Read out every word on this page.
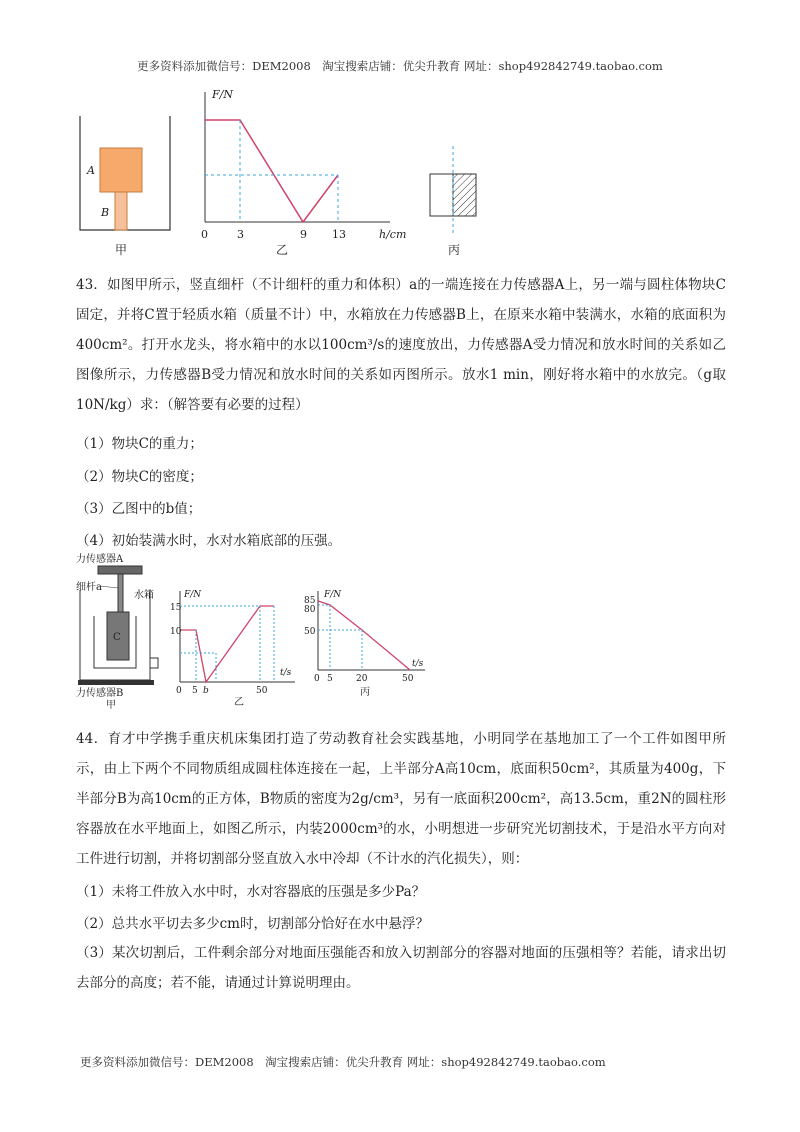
更多资料添加微信号：DEM2008　淘宝搜索店铺：优尖升教育 网址：shop492842749.taobao.com
A
B
甲
F/N
h/cm
0	3	9 13
乙	丙
43．如图甲所示，竖直细杆（不计细杆的重力和体积）a的一端连接在力传感器A上，另一端与圆柱体物块C固定，并将C置于轻质水箱（质量不计）中，水箱放在力传感器B上，在原来水箱中装满水，水箱的底面积为400cm²。打开水龙头，将水箱中的水以100cm³/s的速度放出，力传感器A受力情况和放水时间的关系如乙图像所示，力传感器B受力情况和放水时间的关系如丙图所示。放水1 min，刚好将水箱中的水放完。（g取10N/kg）求：（解答要有必要的过程）
（1）物块C的重力；
（2）物块C的密度；
（3）乙图中的b值；
（4）初始装满水时，水对水箱底部的压强。
力传感器A
细杆a
C
水箱
力传感器B
甲
F/N
15
10
t/s
0 5 b	50
乙
F/N
85
80
50
t/s
0 5	20	50
丙
44．育才中学携手重庆机床集团打造了劳动教育社会实践基地，小明同学在基地加工了一个工件如图甲所示，由上下两个不同物质组成圆柱体连接在一起，上半部分A高10cm，底面积50cm²，其质量为400g，下半部分B为高10cm的正方体，B物质的密度为2g/cm³，另有一底面积200cm²，高13.5cm，重2N的圆柱形容器放在水平地面上，如图乙所示，内装2000cm³的水，小明想进一步研究光切割技术，于是沿水平方向对工件进行切割，并将切割部分竖直放入水中冷却（不计水的汽化损失），则：
（1）未将工件放入水中时，水对容器底的压强是多少Pa？
（2）总共水平切去多少cm时，切割部分恰好在水中悬浮？
（3）某次切割后，工件剩余部分对地面压强能否和放入切割部分的容器对地面的压强相等？若能，请求出切去部分的高度；若不能，请通过计算说明理由。
更多资料添加微信号：DEM2008　淘宝搜索店铺：优尖升教育 网址：shop492842749.taobao.com
